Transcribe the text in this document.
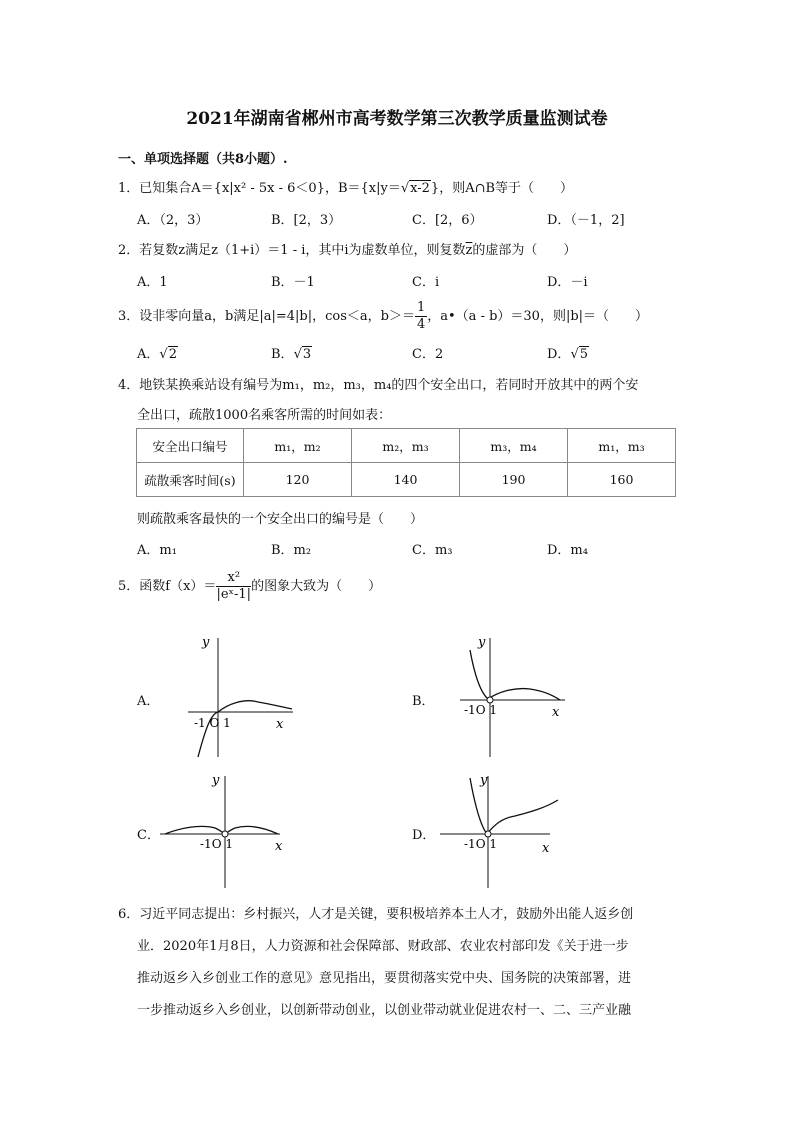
2021年湖南省郴州市高考数学第三次教学质量监测试卷
一、单项选择题（共8小题）.
1．已知集合A＝{x|x² - 5x - 6＜0}，B＝{x|y＝√x-2}，则A∩B等于（　　）
A．（2，3）	B．[2，3）	C．[2，6）	D．（－1，2]
2．若复数z满足z（1+i）＝1 - i，其中i为虚数单位，则复数$\overline{z}$的虚部为（　　）
A．1	B．－1	C．i	D．－i
3．设非零向量a，b满足|a|=4|b|，cos＜a，$b>= \frac{1}{4}$ ，a•（a - b）＝30，则|b|＝（　　）
A．√2	B．√3	C．2	D．√5
4．地铁某换乘站设有编号为m₁，m₂，m₃，m₄的四个安全出口，若同时开放其中的两个安
全出口，疏散1000名乘客所需的时间如表：
安全出口编号	m₁，m₂	m₂，m₃	m₃，m₄	m₁，m₃
疏散乘客时间(s)	120	140	190	160
则疏散乘客最快的一个安全出口的编号是（　　）
A．m₁	B．m₂	C．m₃	D．m₄
5．函数$f(x)= \frac{\text{x²}}{\text{|eˣ-1|}}$ 的图象大致为（　　）
A．
y
x
-1 O 1
B．
y
x
-1O 1
C．
y
x
-1O 1
D．
y
x
-1O 1
6．习近平同志提出：乡村振兴，人才是关键，要积极培养本土人才，鼓励外出能人返乡创
业．2020年1月8日，人力资源和社会保障部、财政部、农业农村部印发《关于进一步
推动返乡入乡创业工作的意见》意见指出，要贯彻落实党中央、国务院的决策部署，进
一步推动返乡入乡创业，以创新带动创业，以创业带动就业促进农村一、二、三产业融
